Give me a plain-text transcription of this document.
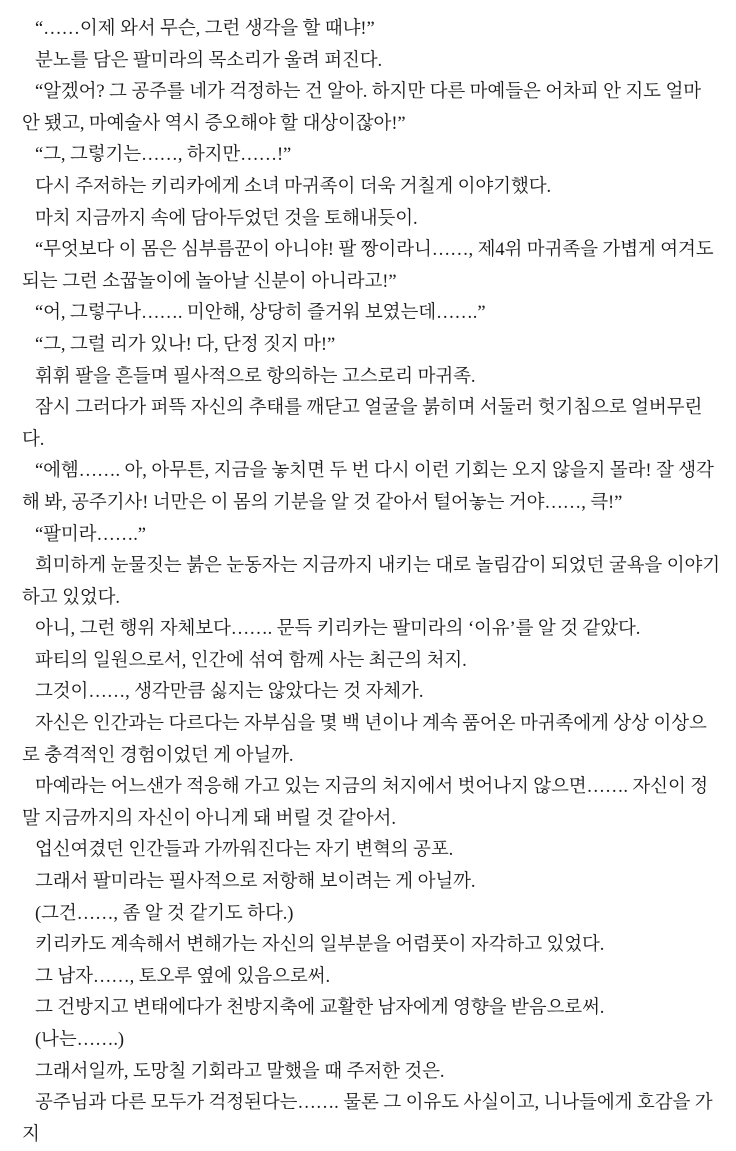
“……이제 와서 무슨, 그런 생각을 할 때냐!”

분노를 담은 팔미라의 목소리가 울려 퍼진다.

“알겠어? 그 공주를 네가 걱정하는 건 알아. 하지만 다른 마예들은 어차피 안 지도 얼마 안 됐고, 마예술사 역시 증오해야 할 대상이잖아!”

“그, 그렇기는……, 하지만……!”

다시 주저하는 키리카에게 소녀 마귀족이 더욱 거칠게 이야기했다.

마치 지금까지 속에 담아두었던 것을 토해내듯이.

“무엇보다 이 몸은 심부름꾼이 아니야! 팔 짱이라니……, 제4위 마귀족을 가볍게 여겨도 되는 그런 소꿉놀이에 놀아날 신분이 아니라고!”

“어, 그렇구나……. 미안해, 상당히 즐거워 보였는데…….”

“그, 그럴 리가 있나! 다, 단정 짓지 마!”

휘휘 팔을 흔들며 필사적으로 항의하는 고스로리 마귀족.

잠시 그러다가 퍼뜩 자신의 추태를 깨닫고 얼굴을 붉히며 서둘러 헛기침으로 얼버무린다.

“에헴……. 아, 아무튼, 지금을 놓치면 두 번 다시 이런 기회는 오지 않을지 몰라! 잘 생각해 봐, 공주기사! 너만은 이 몸의 기분을 알 것 같아서 털어놓는 거야……, 큭!”

“팔미라…….”

희미하게 눈물짓는 붉은 눈동자는 지금까지 내키는 대로 놀림감이 되었던 굴욕을 이야기하고 있었다.

아니, 그런 행위 자체보다……. 문득 키리카는 팔미라의 ‘이유’를 알 것 같았다.

파티의 일원으로서, 인간에 섞여 함께 사는 최근의 처지.

그것이……, 생각만큼 싫지는 않았다는 것 자체가.

자신은 인간과는 다르다는 자부심을 몇 백 년이나 계속 품어온 마귀족에게 상상 이상으로 충격적인 경험이었던 게 아닐까.

마예라는 어느샌가 적응해 가고 있는 지금의 처지에서 벗어나지 않으면……. 자신이 정말 지금까지의 자신이 아니게 돼 버릴 것 같아서.

업신여겼던 인간들과 가까워진다는 자기 변혁의 공포.

그래서 팔미라는 필사적으로 저항해 보이려는 게 아닐까.

(그건……, 좀 알 것 같기도 하다.)

키리카도 계속해서 변해가는 자신의 일부분을 어렴풋이 자각하고 있었다.

그 남자……, 토오루 옆에 있음으로써.

그 건방지고 변태에다가 천방지축에 교활한 남자에게 영향을 받음으로써.

(나는…….)

그래서일까, 도망칠 기회라고 말했을 때 주저한 것은.

공주님과 다른 모두가 걱정된다는……. 물론 그 이유도 사실이고, 니나들에게 호감을 가지
